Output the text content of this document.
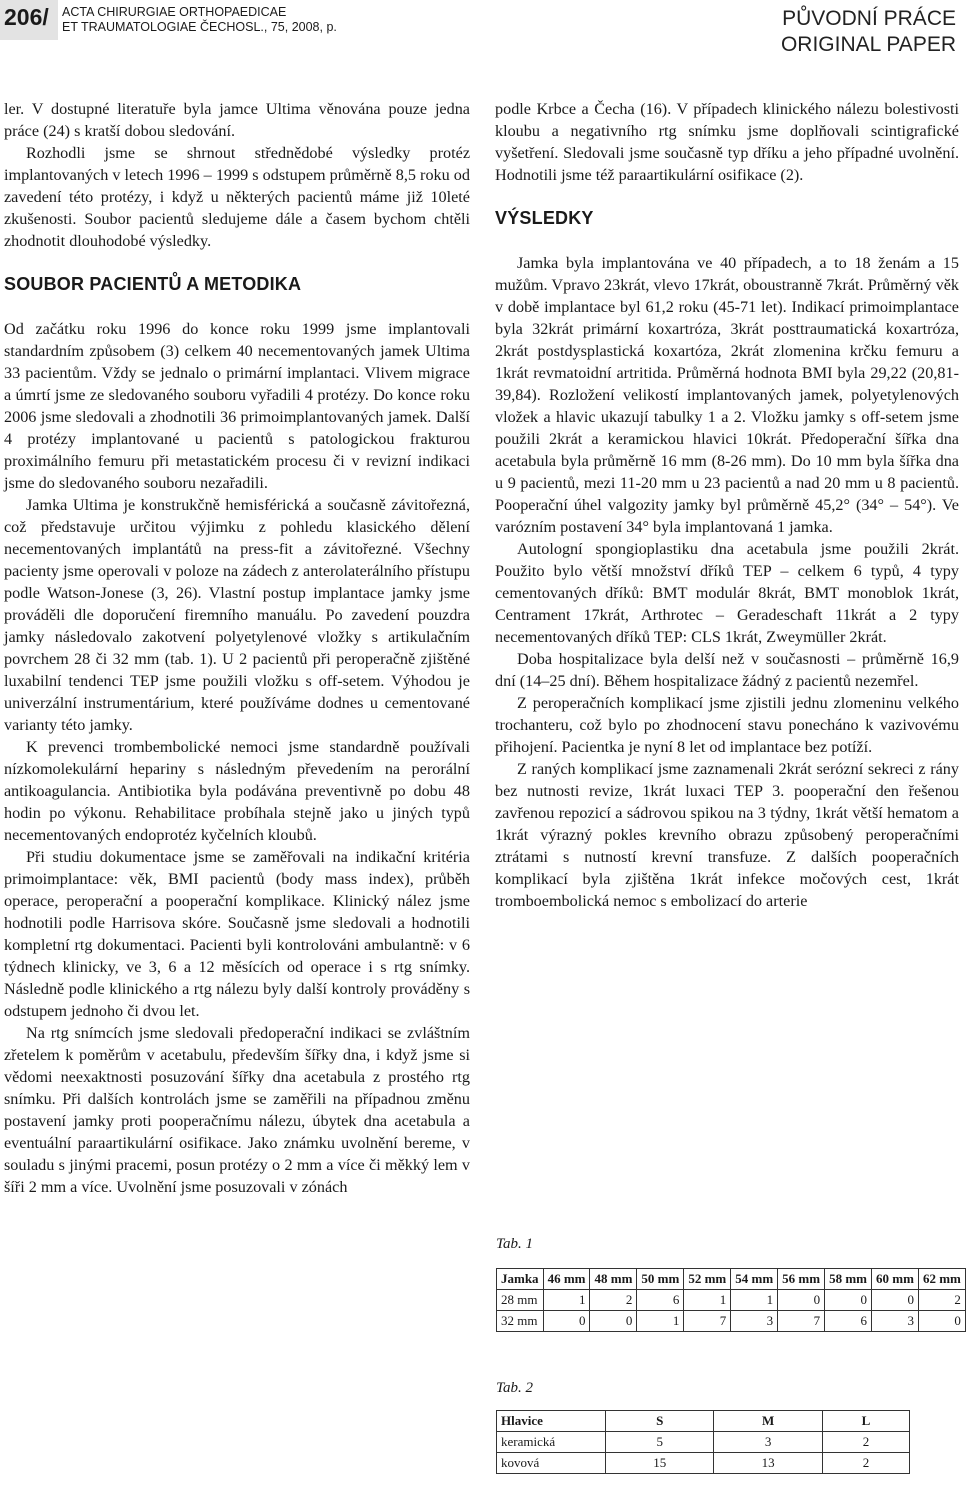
206/ ACTA CHIRURGIAE ORTHOPAEDICAE
ET TRAUMATOLOGIAE ČECHOSL., 75, 2008, p.	PŮVODNÍ PRÁCE
ORIGINAL PAPER

ler. V dostupné literatuře byla jamce Ultima věnována pouze jedna práce (24) s kratší dobou sledování.

Rozhodli jsme se shrnout střednědobé výsledky protéz implantovaných v letech 1996 – 1999 s odstupem průměrně 8,5 roku od zavedení této protézy, i když u některých pacientů máme již 10leté zkušenosti. Soubor pacientů sledujeme dále a časem bychom chtěli zhodnotit dlouhodobé výsledky.

SOUBOR PACIENTŮ A METODIKA

Od začátku roku 1996 do konce roku 1999 jsme implantovali standardním způsobem (3) celkem 40 necementovaných jamek Ultima 33 pacientům. Vždy se jednalo o primární implantaci. Vlivem migrace a úmrtí jsme ze sledovaného souboru vyřadili 4 protézy. Do konce roku 2006 jsme sledovali a zhodnotili 36 primoimplantovaných jamek. Další 4 protézy implantované u pacientů s patologickou frakturou proximálního femuru při metastatickém procesu či v revizní indikaci jsme do sledovaného souboru nezařadili.

Jamka Ultima je konstrukčně hemisférická a současně závitořezná, což představuje určitou výjimku z pohledu klasického dělení necementovaných implantátů na press-fit a závitořezné. Všechny pacienty jsme operovali v poloze na zádech z anterolaterálního přístupu podle Watson-Jonese (3, 26). Vlastní postup implantace jamky jsme prováděli dle doporučení firemního manuálu. Po zavedení pouzdra jamky následovalo zakotvení polyetylenové vložky s artikulačním povrchem 28 či 32 mm (tab. 1). U 2 pacientů při peroperačně zjištěné luxabilní tendenci TEP jsme použili vložku s off-setem. Výhodou je univerzální instrumentárium, které používáme dodnes u cementované varianty této jamky.

K prevenci trombembolické nemoci jsme standardně používali nízkomolekulární hepariny s následným převedením na perorální antikoagulancia. Antibiotika byla podávána preventivně po dobu 48 hodin po výkonu. Rehabilitace probíhala stejně jako u jiných typů necementovaných endoprotéz kyčelních kloubů.

Při studiu dokumentace jsme se zaměřovali na indikační kritéria primoimplantace: věk, BMI pacientů (body mass index), průběh operace, peroperační a pooperační komplikace. Klinický nález jsme hodnotili podle Harrisova skóre. Současně jsme sledovali a hodnotili kompletní rtg dokumentaci. Pacienti byli kontrolováni ambulantně: v 6 týdnech klinicky, ve 3, 6 a 12 měsících od operace i s rtg snímky. Následně podle klinického a rtg nálezu byly další kontroly prováděny s odstupem jednoho či dvou let.

Na rtg snímcích jsme sledovali předoperační indikaci se zvláštním zřetelem k poměrům v acetabulu, především šířky dna, i když jsme si vědomi neexaktnosti posuzování šířky dna acetabula z prostého rtg snímku. Při dalších kontrolách jsme se zaměřili na případnou změnu postavení jamky proti pooperačnímu nálezu, úbytek dna acetabula a eventuální paraartikulární osifikace. Jako známku uvolnění bereme, v souladu s jinými pracemi, posun protézy o 2 mm a více či měkký lem v šíři 2 mm a více. Uvolnění jsme posuzovali v zónách

podle Krbce a Čecha (16). V případech klinického nálezu bolestivosti kloubu a negativního rtg snímku jsme doplňovali scintigrafické vyšetření. Sledovali jsme současně typ dříku a jeho případné uvolnění. Hodnotili jsme též paraartikulární osifikace (2).

VÝSLEDKY

Jamka byla implantována ve 40 případech, a to 18 ženám a 15 mužům. Vpravo 23krát, vlevo 17krát, oboustranně 7krát. Průměrný věk v době implantace byl 61,2 roku (45-71 let). Indikací primoimplantace byla 32krát primární koxartróza, 3krát posttraumatická koxartróza, 2krát postdysplastická koxartóza, 2krát zlomenina krčku femuru a 1krát revmatoidní artritida. Průměrná hodnota BMI byla 29,22 (20,81-39,84). Rozložení velikostí implantovaných jamek, polyetylenových vložek a hlavic ukazují tabulky 1 a 2. Vložku jamky s off-setem jsme použili 2krát a keramickou hlavici 10krát. Předoperační šířka dna acetabula byla průměrně 16 mm (8-26 mm). Do 10 mm byla šířka dna u 9 pacientů, mezi 11-20 mm u 23 pacientů a nad 20 mm u 8 pacientů. Pooperační úhel valgozity jamky byl průměrně 45,2° (34° – 54°). Ve varózním postavení 34° byla implantovaná 1 jamka.

Autologní spongioplastiku dna acetabula jsme použili 2krát. Použito bylo větší množství dříků TEP – celkem 6 typů, 4 typy cementovaných dříků: BMT modulár 8krát, BMT monoblok 1krát, Centrament 17krát, Arthrotec – Geradeschaft 11krát a 2 typy necementovaných dříků TEP: CLS 1krát, Zweymüller 2krát.

Doba hospitalizace byla delší než v současnosti – průměrně 16,9 dní (14–25 dní). Během hospitalizace žádný z pacientů nezemřel.

Z peroperačních komplikací jsme zjistili jednu zlomeninu velkého trochanteru, což bylo po zhodnocení stavu ponecháno k vazivovému přihojení. Pacientka je nyní 8 let od implantace bez potíží.

Z raných komplikací jsme zaznamenali 2krát serózní sekreci z rány bez nutnosti revize, 1krát luxaci TEP 3. pooperační den řešenou zavřenou repozicí a sádrovou spikou na 3 týdny, 1krát větší hematom a 1krát výrazný pokles krevního obrazu způsobený peroperačními ztrátami s nutností krevní transfuze. Z dalších pooperačních komplikací byla zjištěna 1krát infekce močových cest, 1krát tromboembolická nemoc s embolizací do arterie

Tab. 1
Jamka	46 mm	48 mm	50 mm	52 mm	54 mm	56 mm	58 mm	60 mm	62 mm
28 mm	1	2	6	1	1	0	0	0	2
32 mm	0	0	1	7	3	7	6	3	0
Tab. 2
Hlavice	S	M	L
keramická	5	3	2
kovová	15	13	2
